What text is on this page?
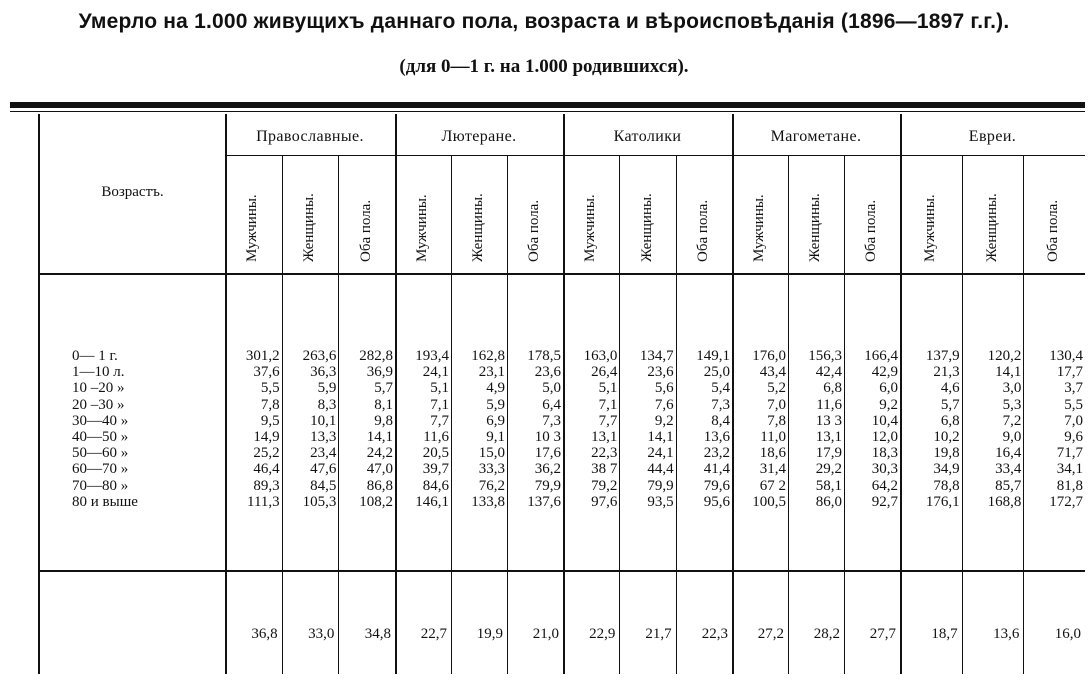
Умерло на 1.000 живущихъ даннаго пола, возраста и вѣроисповѣданія (1896—1897 г.г.).
(для 0—1 г. на 1.000 родившихся).
Возрастъ.
Православные.	Лютеране.	Католики	Магометане.	Евреи.
Мужчины.	Женщины.	Оба пола.	Мужчины.	Женщины.	Оба пола.	Мужчины.	Женщины.	Оба пола.	Мужчины.	Женщины.	Оба пола.	Мужчины.	Женщины.	Оба пола.
0— 1 г.	301,2	263,6	282,8	193,4	162,8	178,5	163,0	134,7	149,1	176,0	156,3	166,4	137,9	120,2	130,4
1—10 л.	37,6	36,3	36,9	24,1	23,1	23,6	26,4	23,6	25,0	43,4	42,4	42,9	21,3	14,1	17,7
10 –20 »	5,5	5,9	5,7	5,1	4,9	5,0	5,1	5,6	5,4	5,2	6,8	6,0	4,6	3,0	3,7
20 –30 »	7,8	8,3	8,1	7,1	5,9	6,4	7,1	7,6	7,3	7,0	11,6	9,2	5,7	5,3	5,5
30—40 »	9,5	10,1	9,8	7,7	6,9	7,3	7,7	9,2	8,4	7,8	13 3	10,4	6,8	7,2	7,0
40—50 »	14,9	13,3	14,1	11,6	9,1	10 3	13,1	14,1	13,6	11,0	13,1	12,0	10,2	9,0	9,6
50—60 »	25,2	23,4	24,2	20,5	15,0	17,6	22,3	24,1	23,2	18,6	17,9	18,3	19,8	16,4	71,7
60—70 »	46,4	47,6	47,0	39,7	33,3	36,2	38 7	44,4	41,4	31,4	29,2	30,3	34,9	33,4	34,1
70—80 »	89,3	84,5	86,8	84,6	76,2	79,9	79,2	79,9	79,6	67 2	58,1	64,2	78,8	85,7	81,8
80 и выше	111,3	105,3	108,2	146,1	133,8	137,6	97,6	93,5	95,6	100,5	86,0	92,7	176,1	168,8	172,7
36,8	33,0	34,8	22,7	19,9	21,0	22,9	21,7	22,3	27,2	28,2	27,7	18,7	13,6	16,0
